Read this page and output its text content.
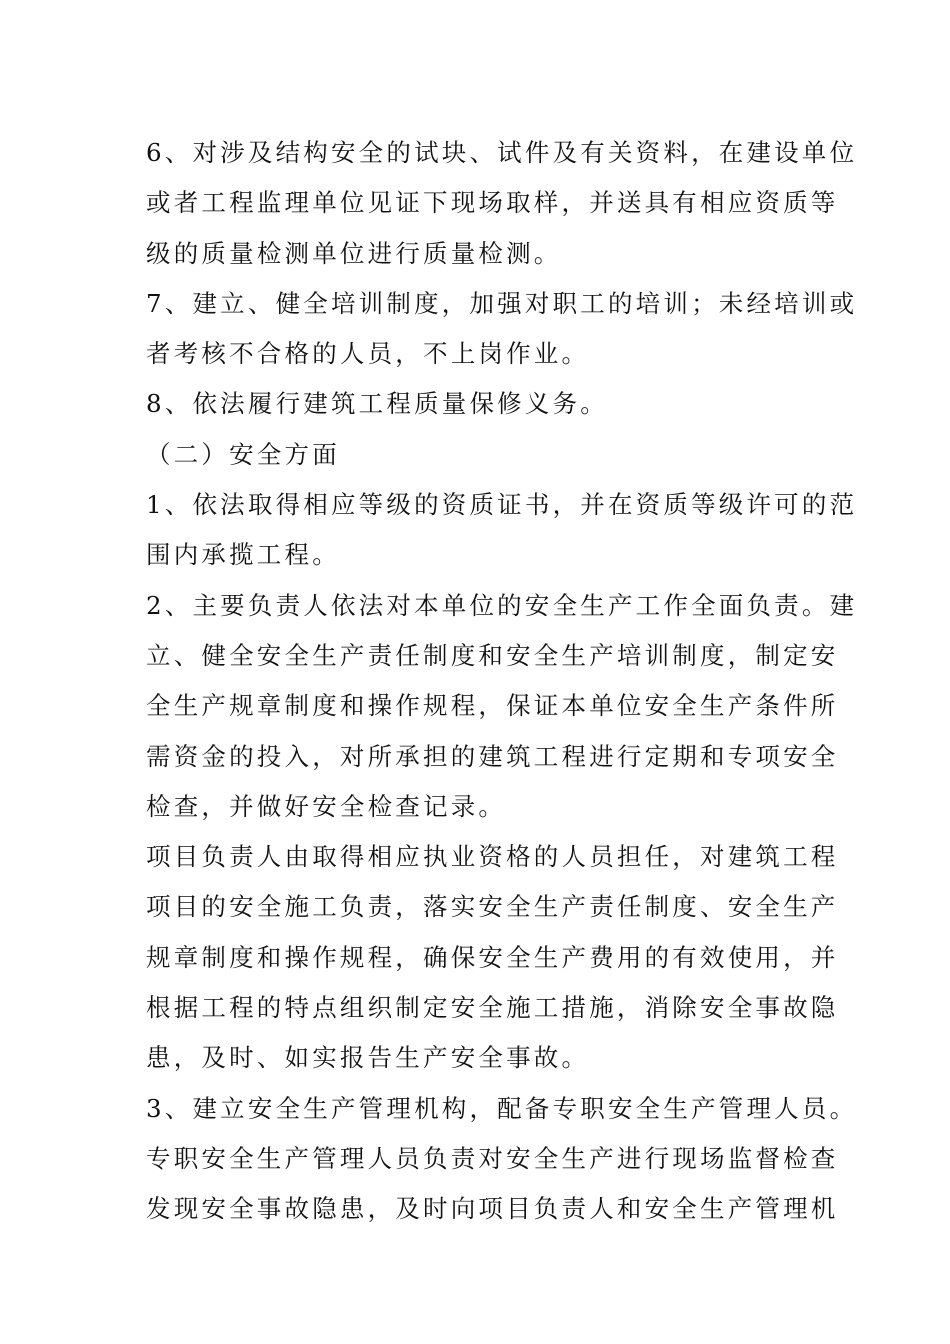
6、对涉及结构安全的试块、试件及有关资料，在建设单位
或者工程监理单位见证下现场取样，并送具有相应资质等
级的质量检测单位进行质量检测。
7、建立、健全培训制度，加强对职工的培训；未经培训或
者考核不合格的人员，不上岗作业。
8、依法履行建筑工程质量保修义务。
（二）安全方面
1、依法取得相应等级的资质证书，并在资质等级许可的范
围内承揽工程。
2、主要负责人依法对本单位的安全生产工作全面负责。建
立、健全安全生产责任制度和安全生产培训制度，制定安
全生产规章制度和操作规程，保证本单位安全生产条件所
需资金的投入，对所承担的建筑工程进行定期和专项安全
检查，并做好安全检查记录。
项目负责人由取得相应执业资格的人员担任，对建筑工程
项目的安全施工负责，落实安全生产责任制度、安全生产
规章制度和操作规程，确保安全生产费用的有效使用，并
根据工程的特点组织制定安全施工措施，消除安全事故隐
患，及时、如实报告生产安全事故。
3、建立安全生产管理机构，配备专职安全生产管理人员。
专职安全生产管理人员负责对安全生产进行现场监督检查
发现安全事故隐患，及时向项目负责人和安全生产管理机
